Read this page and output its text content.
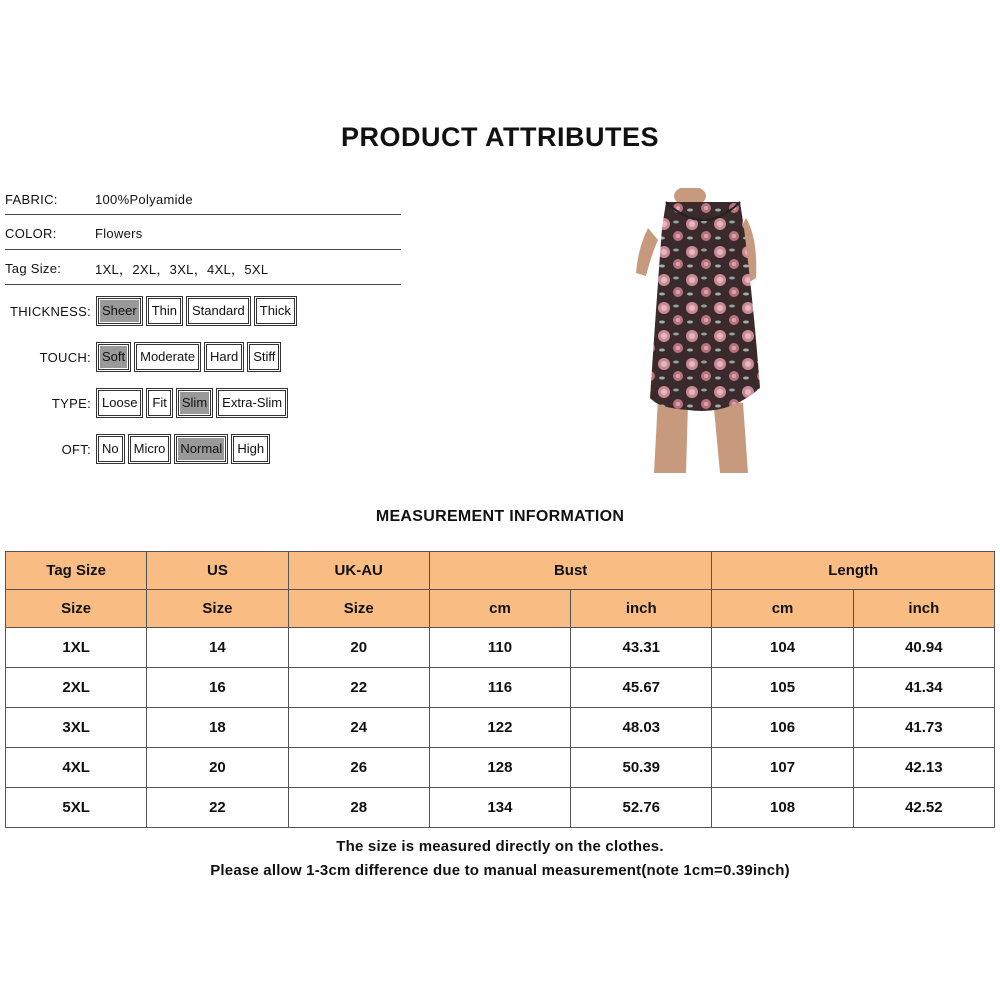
PRODUCT ATTRIBUTES
FABRIC:	100%Polyamide
COLOR:	Flowers
Tag Size:	1XL，2XL，3XL，4XL，5XL
THICKNESS: Sheer	Thin	Standard	Thick
TOUCH: Soft	Moderate	Hard	Stiff
TYPE: Loose	Fit	Slim	Extra-Slim
OFT: No	Micro	Normal	High
MEASUREMENT INFORMATION
Tag Size	US	UK-AU	Bust		Length	
Size	Size	Size	cm	inch	cm	inch
1XL	14	20	110	43.31	104	40.94
2XL	16	22	116	45.67	105	41.34
3XL	18	24	122	48.03	106	41.73
4XL	20	26	128	50.39	107	42.13
5XL	22	28	134	52.76	108	42.52
The size is measured directly on the clothes.
Please allow 1-3cm difference due to manual measurement(note 1cm=0.39inch)
